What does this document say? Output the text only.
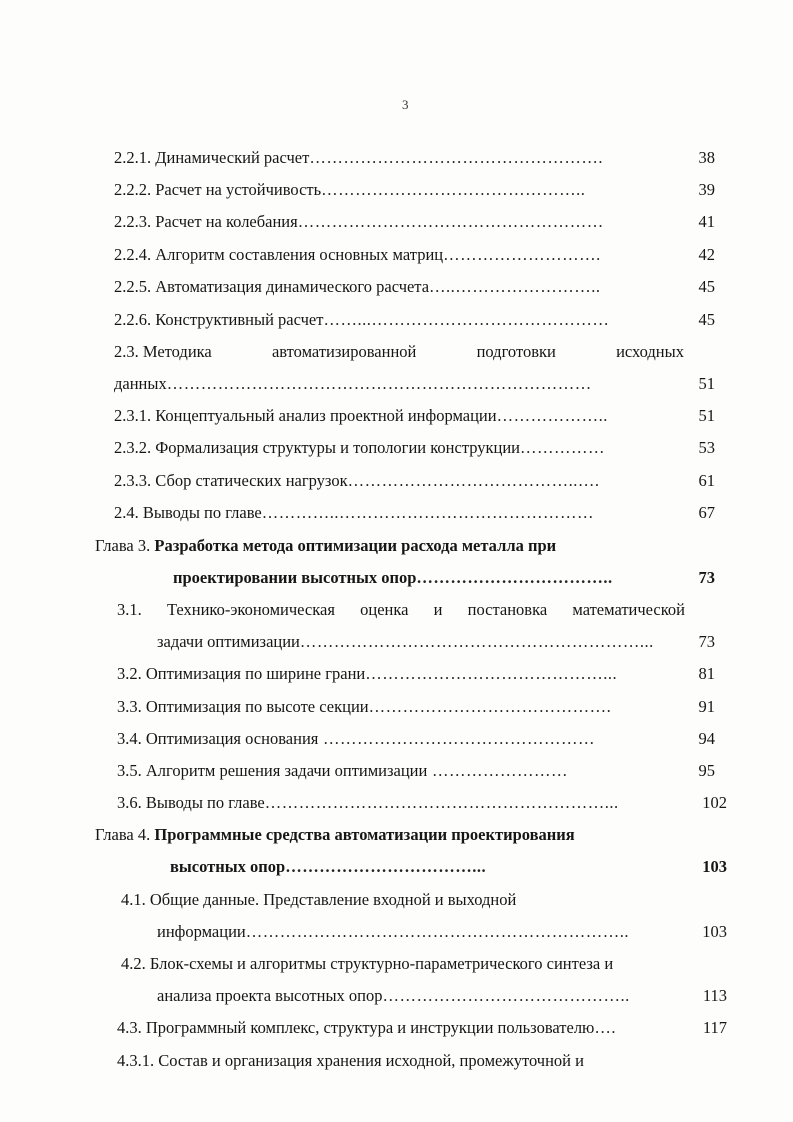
3
2.2.1. Динамический расчет…………………………………………….	38
2.2.2. Расчет на устойчивость………………………………………..	39
2.2.3. Расчет на колебания………………………………………………	41
2.2.4. Алгоритм составления основных матриц……………………….	42
2.2.5. Автоматизация динамического расчета…..……………………..	45
2.2.6. Конструктивный расчет……...……………………………………	45
2.3. Методика	автоматизированной	подготовки	исходных
данных…………………………………………………………………	51
2.3.1. Концептуальный анализ проектной информации………………..	51
2.3.2. Формализация структуры и топологии конструкции……………	53
2.3.3. Сбор статических нагрузок…………………………………..….	61
2.4. Выводы по главе…………..………………………………………	67
Глава 3. Разработка метода оптимизации расхода металла при
проектировании высотных опор……………………………..	73
3.1. Технико-экономическая оценка и постановка математической
задачи оптимизации……………………………………………………...	73
3.2. Оптимизация по ширине грани……………………………………...	81
3.3. Оптимизация по высоте секции…………………………………….	91
3.4. Оптимизация основания …………………………………………	94
3.5. Алгоритм решения задачи оптимизации ……………………	95
3.6. Выводы по главе……………………………………………………...	102
Глава 4. Программные средства автоматизации проектирования
высотных опор……………………………...	103
4.1. Общие данные. Представление входной и выходной
информации…………………………………………………………..	103
4.2. Блок-схемы и алгоритмы структурно-параметрического синтеза и
анализа проекта высотных опор……………………………………..	113
4.3. Программный комплекс, структура и инструкции пользователю….	117
4.3.1. Состав и организация хранения исходной, промежуточной и
